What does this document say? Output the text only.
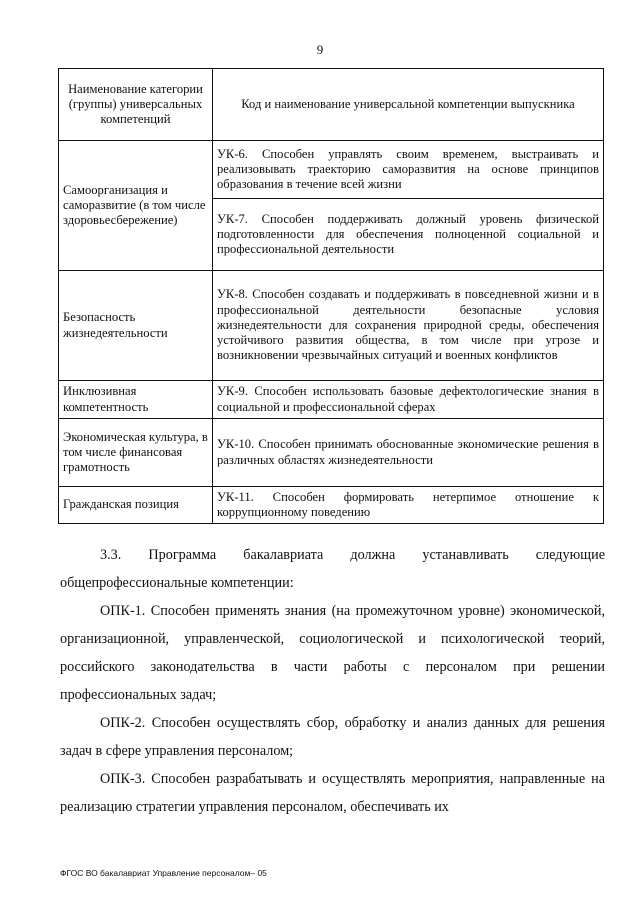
9
Наименование категории (группы) универсальных компетенций	Код и наименование универсальной компетенции выпускника
Самоорганизация и саморазвитие (в том числе здоровьесбережение)	УК-6. Способен управлять своим временем, выстраивать и реализовывать траекторию саморазвития на основе принципов образования в течение всей жизни
	УК-7. Способен поддерживать должный уровень физической подготовленности для обеспечения полноценной социальной и профессиональной деятельности
Безопасность жизнедеятельности	УК-8. Способен создавать и поддерживать в повседневной жизни и в профессиональной деятельности безопасные условия жизнедеятельности для сохранения природной среды, обеспечения устойчивого развития общества, в том числе при угрозе и возникновении чрезвычайных ситуаций и военных конфликтов
Инклюзивная компетентность	УК-9. Способен использовать базовые дефектологические знания в социальной и профессиональной сферах
Экономическая культура, в том числе финансовая грамотность	УК-10. Способен принимать обоснованные экономические решения в различных областях жизнедеятельности
Гражданская позиция	УК-11. Способен формировать нетерпимое отношение к коррупционному поведению

3.3. Программа бакалавриата должна устанавливать следующие общепрофессиональные компетенции:

ОПК-1. Способен применять знания (на промежуточном уровне) экономической, организационной, управленческой, социологической и психологической теорий, российского законодательства в части работы с персоналом при решении профессиональных задач;

ОПК-2. Способен осуществлять сбор, обработку и анализ данных для решения задач в сфере управления персоналом;

ОПК-3. Способен разрабатывать и осуществлять мероприятия, направленные на реализацию стратегии управления персоналом, обеспечивать их

ФГОС ВО бакалавриат Управление персоналом– 05
